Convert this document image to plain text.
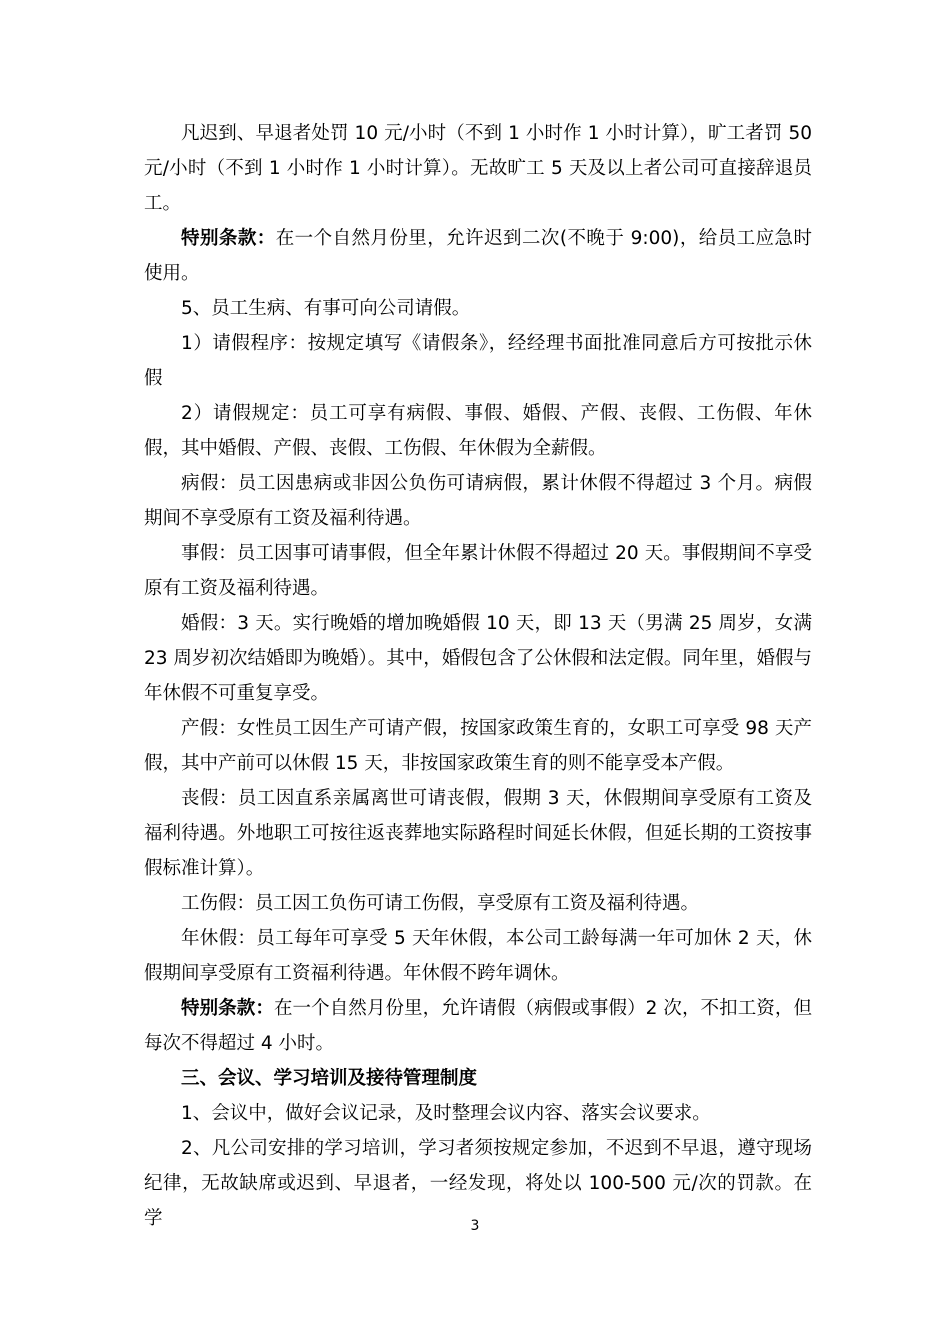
凡迟到、早退者处罚 10 元/小时（不到 1 小时作 1 小时计算），旷工者罚 50 元/小时（不到 1 小时作 1 小时计算）。无故旷工 5 天及以上者公司可直接辞退员工。

特别条款：在一个自然月份里，允许迟到二次(不晚于 9:00)，给员工应急时使用。

5、员工生病、有事可向公司请假。

1）请假程序：按规定填写《请假条》，经经理书面批准同意后方可按批示休假

2）请假规定：员工可享有病假、事假、婚假、产假、丧假、工伤假、年休假，其中婚假、产假、丧假、工伤假、年休假为全薪假。

病假：员工因患病或非因公负伤可请病假，累计休假不得超过 3 个月。病假期间不享受原有工资及福利待遇。

事假：员工因事可请事假，但全年累计休假不得超过 20 天。事假期间不享受原有工资及福利待遇。

婚假：3 天。实行晚婚的增加晚婚假 10 天，即 13 天（男满 25 周岁，女满 23 周岁初次结婚即为晚婚）。其中，婚假包含了公休假和法定假。同年里，婚假与年休假不可重复享受。

产假：女性员工因生产可请产假，按国家政策生育的，女职工可享受 98 天产假，其中产前可以休假 15 天，非按国家政策生育的则不能享受本产假。

丧假：员工因直系亲属离世可请丧假，假期 3 天，休假期间享受原有工资及福利待遇。外地职工可按往返丧葬地实际路程时间延长休假，但延长期的工资按事假标准计算）。

工伤假：员工因工负伤可请工伤假，享受原有工资及福利待遇。

年休假：员工每年可享受 5 天年休假，本公司工龄每满一年可加休 2 天，休假期间享受原有工资福利待遇。年休假不跨年调休。

特别条款：在一个自然月份里，允许请假（病假或事假）2 次，不扣工资，但每次不得超过 4 小时。

三、会议、学习培训及接待管理制度

1、会议中，做好会议记录，及时整理会议内容、落实会议要求。

2、凡公司安排的学习培训，学习者须按规定参加，不迟到不早退，遵守现场纪律，无故缺席或迟到、早退者，一经发现，将处以 100-500 元/次的罚款。在学	3
